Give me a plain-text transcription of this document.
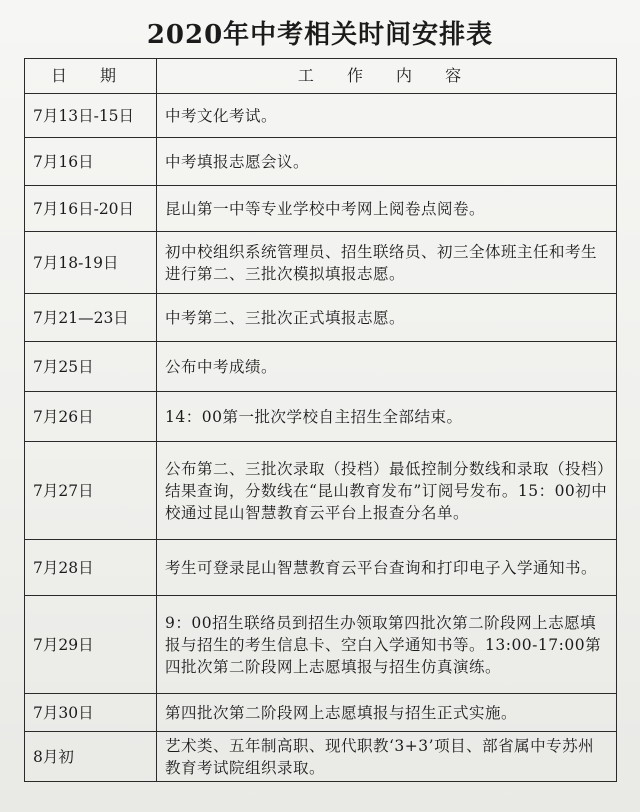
2020年中考相关时间安排表
日 期	工 作 内 容
7月13日-15日	中考文化考试。
7月16日	中考填报志愿会议。
7月16日-20日	昆山第一中等专业学校中考网上阅卷点阅卷。
7月18-19日	初中校组织系统管理员、招生联络员、初三全体班主任和考生进行第二、三批次模拟填报志愿。
7月21—23日	中考第二、三批次正式填报志愿。
7月25日	公布中考成绩。
7月26日	14：00第一批次学校自主招生全部结束。
7月27日	公布第二、三批次录取（投档）最低控制分数线和录取（投档）结果查询，分数线在“昆山教育发布”订阅号发布。15：00初中校通过昆山智慧教育云平台上报查分名单。
7月28日	考生可登录昆山智慧教育云平台查询和打印电子入学通知书。
7月29日	9：00招生联络员到招生办领取第四批次第二阶段网上志愿填报与招生的考生信息卡、空白入学通知书等。13:00-17:00第四批次第二阶段网上志愿填报与招生仿真演练。
7月30日	第四批次第二阶段网上志愿填报与招生正式实施。
8月初	艺术类、五年制高职、现代职教‘3+3’项目、部省属中专苏州教育考试院组织录取。
